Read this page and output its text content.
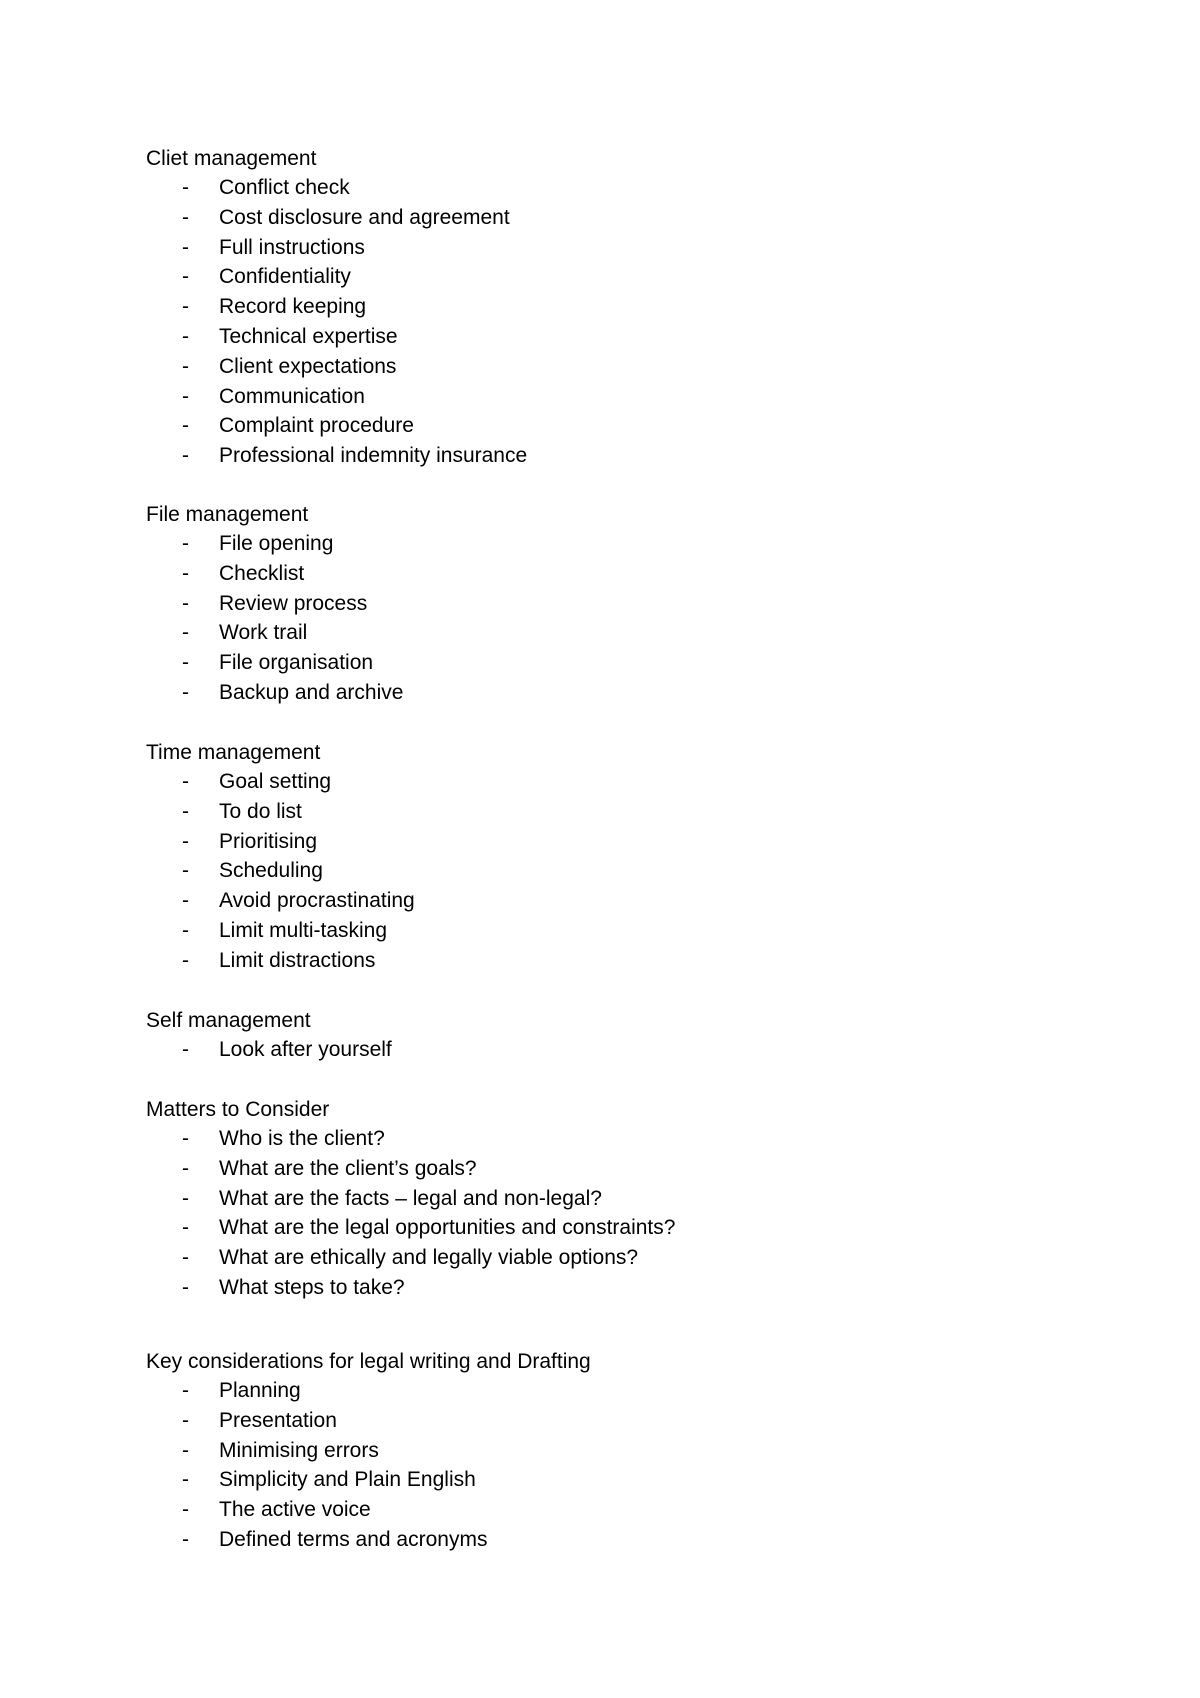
Cliet management
- Conflict check
- Cost disclosure and agreement
- Full instructions
- Confidentiality
- Record keeping
- Technical expertise
- Client expectations
- Communication
- Complaint procedure
- Professional indemnity insurance
File management
- File opening
- Checklist
- Review process
- Work trail
- File organisation
- Backup and archive
Time management
- Goal setting
- To do list
- Prioritising
- Scheduling
- Avoid procrastinating
- Limit multi-tasking
- Limit distractions
Self management
- Look after yourself
Matters to Consider
- Who is the client?
- What are the client’s goals?
- What are the facts – legal and non-legal?
- What are the legal opportunities and constraints?
- What are ethically and legally viable options?
- What steps to take?
Key considerations for legal writing and Drafting
- Planning
- Presentation
- Minimising errors
- Simplicity and Plain English
- The active voice
- Defined terms and acronyms
